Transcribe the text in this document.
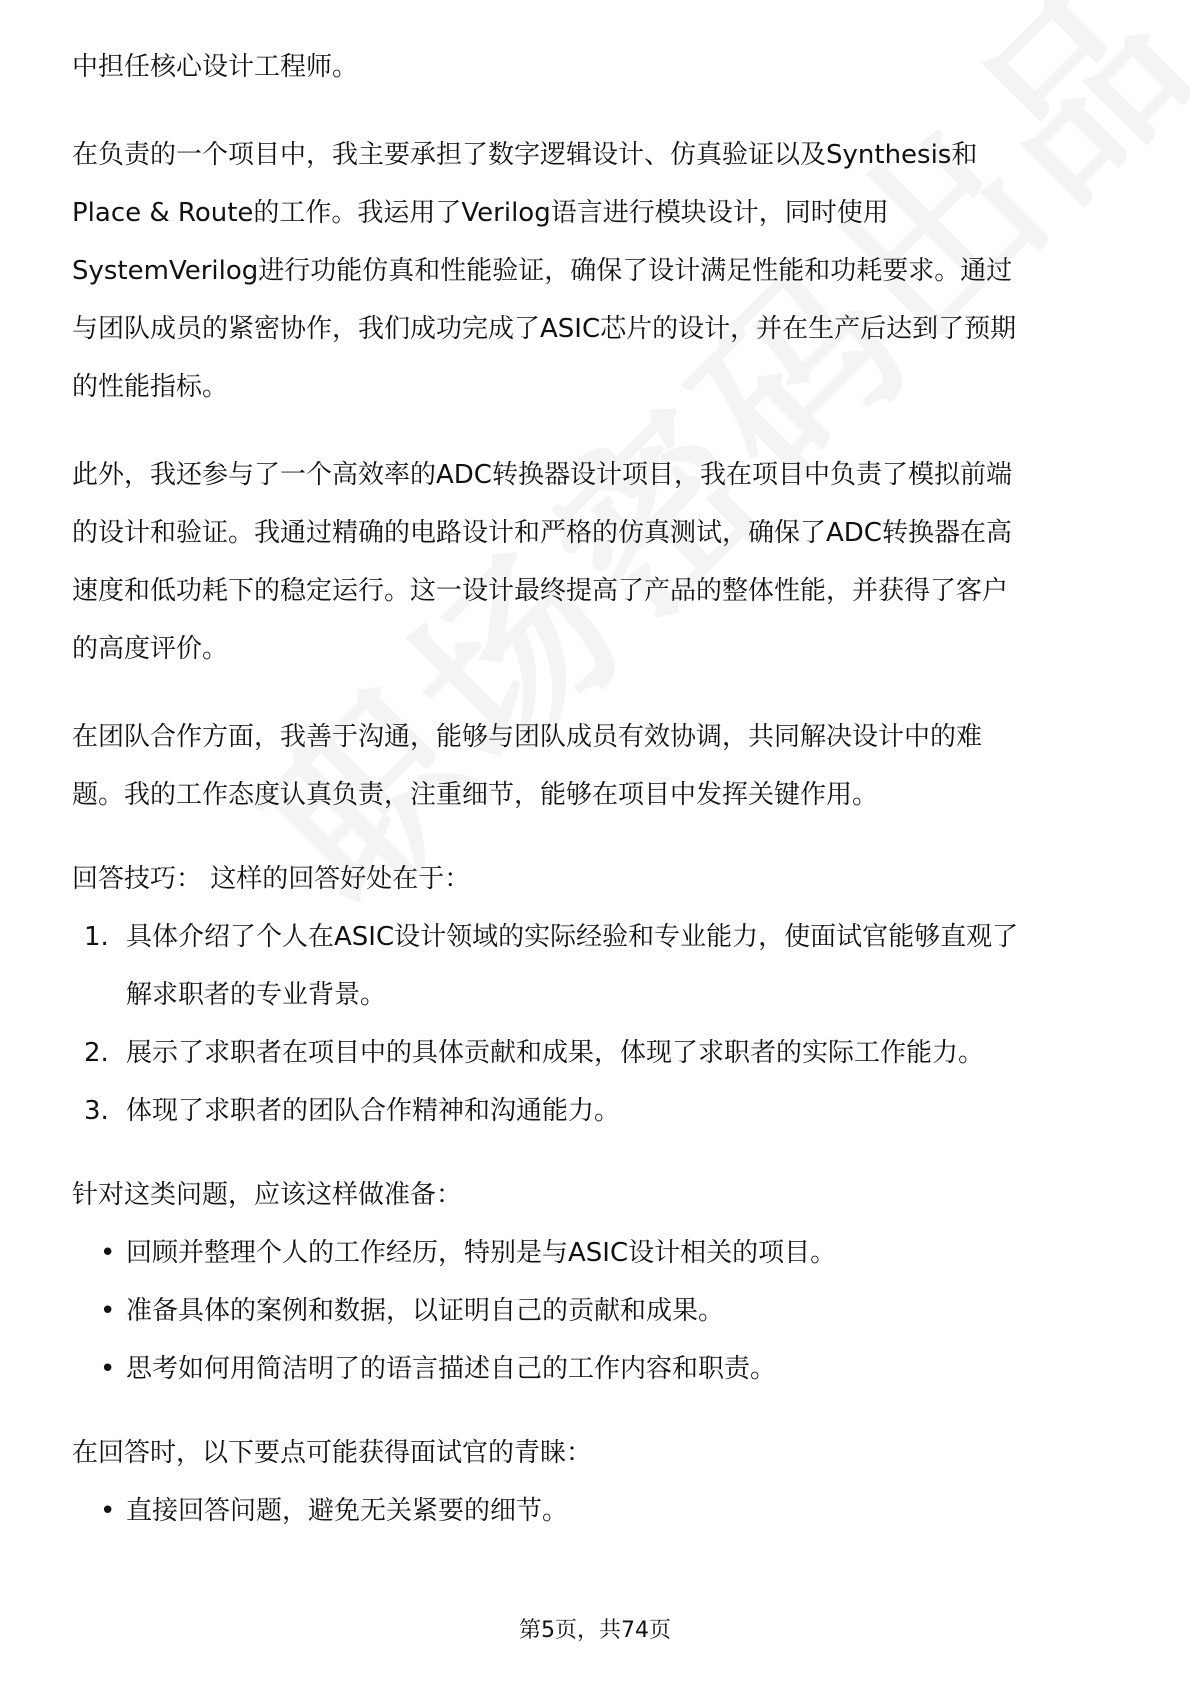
中担任核心设计工程师。

在负责的一个项目中，我主要承担了数字逻辑设计、仿真验证以及Synthesis和

Place & Route的工作。我运用了Verilog语言进行模块设计，同时使用

SystemVerilog进行功能仿真和性能验证，确保了设计满足性能和功耗要求。通过

与团队成员的紧密协作，我们成功完成了ASIC芯片的设计，并在生产后达到了预期

的性能指标。

此外，我还参与了一个高效率的ADC转换器设计项目，我在项目中负责了模拟前端

的设计和验证。我通过精确的电路设计和严格的仿真测试，确保了ADC转换器在高

速度和低功耗下的稳定运行。这一设计最终提高了产品的整体性能，并获得了客户

的高度评价。

在团队合作方面，我善于沟通，能够与团队成员有效协调，共同解决设计中的难

题。我的工作态度认真负责，注重细节，能够在项目中发挥关键作用。

回答技巧： 这样的回答好处在于：

1. 具体介绍了个人在ASIC设计领域的实际经验和专业能力，使面试官能够直观了
解求职者的专业背景。
2. 展示了求职者在项目中的具体贡献和成果，体现了求职者的实际工作能力。
3. 体现了求职者的团队合作精神和沟通能力。

针对这类问题，应该这样做准备：

• 回顾并整理个人的工作经历，特别是与ASIC设计相关的项目。
• 准备具体的案例和数据，以证明自己的贡献和成果。
• 思考如何用简洁明了的语言描述自己的工作内容和职责。

在回答时，以下要点可能获得面试官的青睐：

• 直接回答问题，避免无关紧要的细节。
第5页，共74页
